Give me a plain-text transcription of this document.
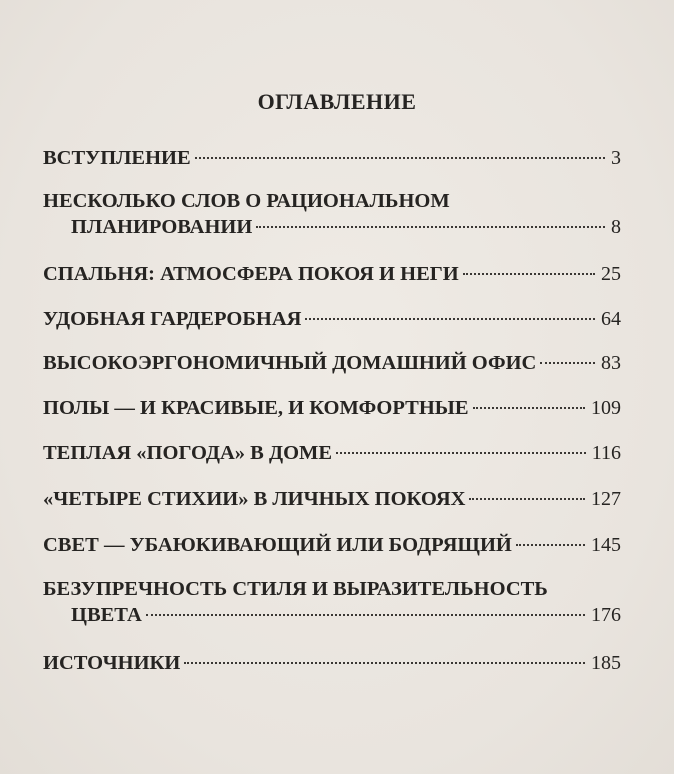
ОГЛАВЛЕНИЕ
ВСТУПЛЕНИЕ	3
НЕСКОЛЬКО СЛОВ О РАЦИОНАЛЬНОМ
ПЛАНИРОВАНИИ	8
СПАЛЬНЯ: АТМОСФЕРА ПОКОЯ И НЕГИ	25
УДОБНАЯ ГАРДЕРОБНАЯ	64
ВЫСОКОЭРГОНОМИЧНЫЙ ДОМАШНИЙ ОФИС	83
ПОЛЫ — И КРАСИВЫЕ, И КОМФОРТНЫЕ	109
ТЕПЛАЯ «ПОГОДА» В ДОМЕ	116
«ЧЕТЫРЕ СТИХИИ» В ЛИЧНЫХ ПОКОЯХ	127
СВЕТ — УБАЮКИВАЮЩИЙ ИЛИ БОДРЯЩИЙ	145
БЕЗУПРЕЧНОСТЬ СТИЛЯ И ВЫРАЗИТЕЛЬНОСТЬ
ЦВЕТА	176
ИСТОЧНИКИ	185
